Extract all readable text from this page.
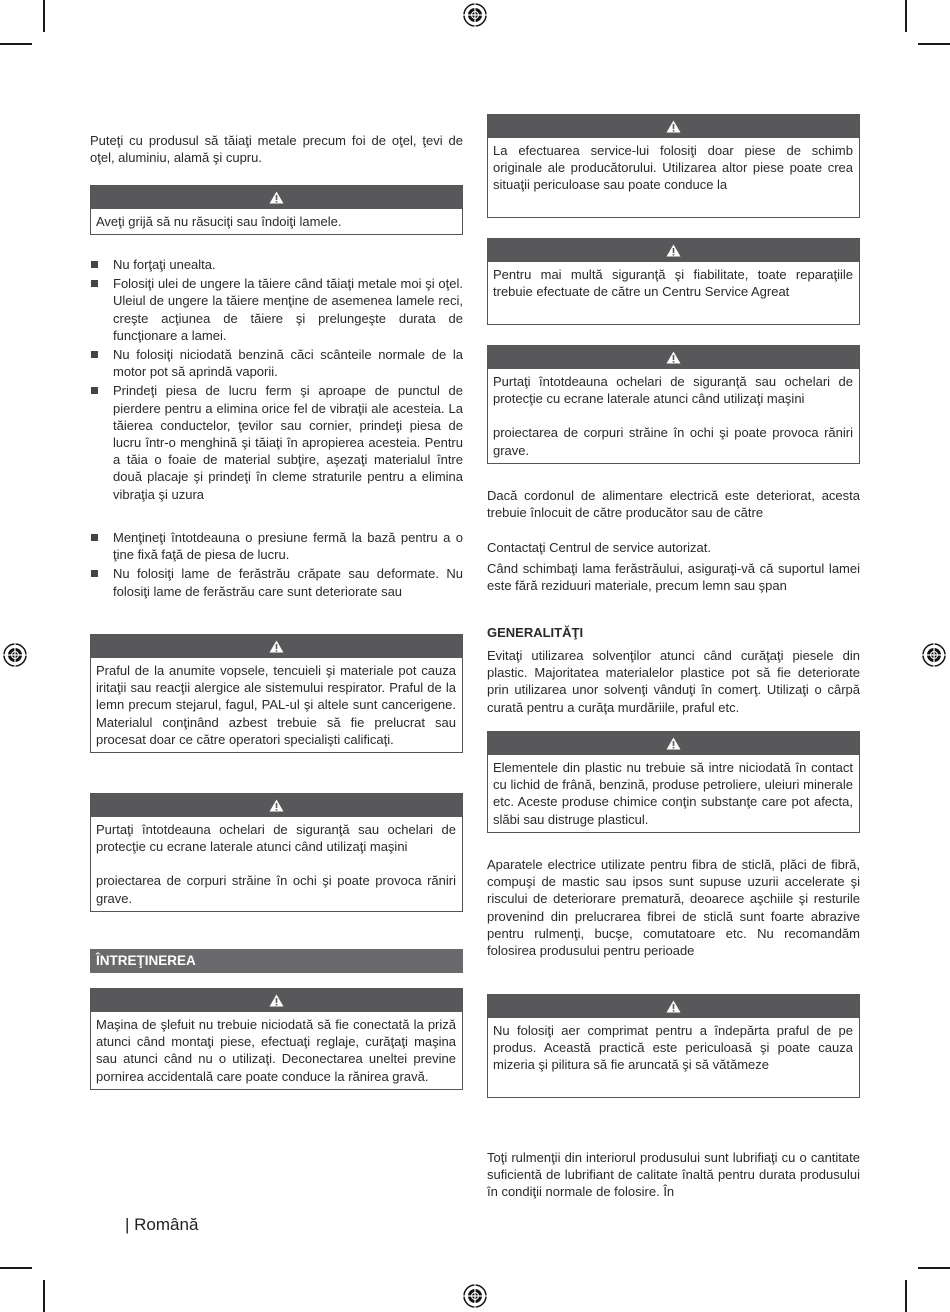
Puteţi cu produsul să tăiaţi metale precum foi de oţel, ţevi de oţel, aluminiu, alamă şi cupru.

Aveţi grijă să nu răsuciţi sau îndoiţi lamele.
Nu forţaţi unealta.
Folosiţi ulei de ungere la tăiere când tăiaţi metale moi şi oţel. Uleiul de ungere la tăiere menţine de asemenea lamele reci, creşte acţiunea de tăiere şi prelungeşte durata de funcţionare a lamei.
Nu folosiţi niciodată benzină căci scânteile normale de la motor pot să aprindă vaporii.
Prindeţi piesa de lucru ferm şi aproape de punctul de pierdere pentru a elimina orice fel de vibraţii ale acesteia. La tăierea conductelor, ţevilor sau cornier, prindeţi piesa de lucru într-o menghină şi tăiaţi în apropierea acesteia. Pentru a tăia o foaie de material subţire, aşezaţi materialul între două placaje şi prindeţi în cleme straturile pentru a elimina vibraţia şi uzura
Menţineţi întotdeauna o presiune fermă la bază pentru a o ţine fixă faţă de piesa de lucru.
Nu folosiţi lame de ferăstrău crăpate sau deformate. Nu folosiţi lame de ferăstrău care sunt deteriorate sau
Praful de la anumite vopsele, tencuieli şi materiale pot cauza iritaţii sau reacţii alergice ale sistemului respirator. Praful de la lemn precum stejarul, fagul, PAL-ul şi altele sunt cancerigene. Materialul conţinând azbest trebuie să fie prelucrat sau procesat doar ce către operatori specialişti calificaţi.
Purtaţi întotdeauna ochelari de siguranţă sau ochelari de protecţie cu ecrane laterale atunci când utilizaţi maşini
proiectarea de corpuri străine în ochi şi poate provoca răniri grave.
ÎNTREŢINEREA
Maşina de şlefuit nu trebuie niciodată să fie conectată la priză atunci când montaţi piese, efectuaţi reglaje, curăţaţi maşina sau atunci când nu o utilizaţi. Deconectarea uneltei previne pornirea accidentală care poate conduce la rănirea gravă.
La efectuarea service-lui folosiţi doar piese de schimb originale ale producătorului. Utilizarea altor piese poate crea situaţii periculoase sau poate conduce la
Pentru mai multă siguranţă şi fiabilitate, toate reparaţiile trebuie efectuate de către un Centru Service Agreat
Purtaţi întotdeauna ochelari de siguranţă sau ochelari de protecţie cu ecrane laterale atunci când utilizaţi maşini
proiectarea de corpuri străine în ochi şi poate provoca răniri grave.

Dacă cordonul de alimentare electrică este deteriorat, acesta trebuie înlocuit de către producător sau de către

Contactaţi Centrul de service autorizat.

Când schimbaţi lama ferăstrăului, asiguraţi-vă că suportul lamei este fără reziduuri materiale, precum lemn sau şpan

GENERALITĂŢI

Evitaţi utilizarea solvenţilor atunci când curăţaţi piesele din plastic. Majoritatea materialelor plastice pot să fie deteriorate prin utilizarea unor solvenţi vânduţi în comerţ. Utilizaţi o cârpă curată pentru a curăţa murdăriile, praful etc.

Elementele din plastic nu trebuie să intre niciodată în contact cu lichid de frână, benzină, produse petroliere, uleiuri minerale etc. Aceste produse chimice conţin substanţe care pot afecta, slăbi sau distruge plasticul.

Aparatele electrice utilizate pentru fibra de sticlă, plăci de fibră, compuşi de mastic sau ipsos sunt supuse uzurii accelerate şi riscului de deteriorare prematură, deoarece aşchiile şi resturile provenind din prelucrarea fibrei de sticlă sunt foarte abrazive pentru rulmenţi, bucşe, comutatoare etc. Nu recomandăm folosirea produsului pentru perioade

Nu folosiţi aer comprimat pentru a îndepărta praful de pe produs. Această practică este periculoasă şi poate cauza mizeria şi pilitura să fie aruncată şi să vătămeze

Toţi rulmenţii din interiorul produsului sunt lubrifiaţi cu o cantitate suficientă de lubrifiant de calitate înaltă pentru durata produsului în condiţii normale de folosire. În

| Română
